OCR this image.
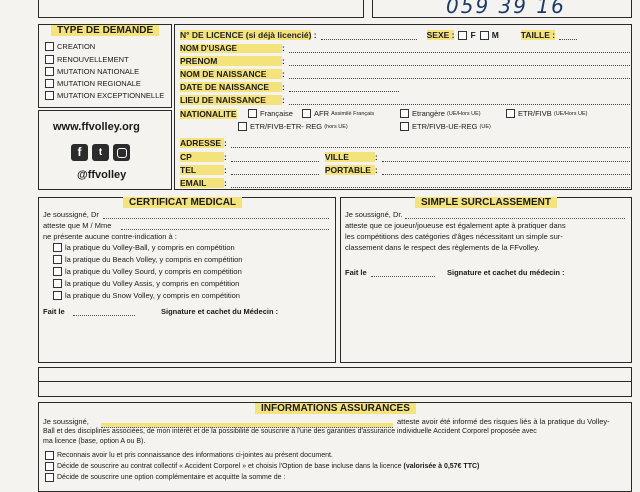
059 39 16
TYPE DE DEMANDE
CREATION
RENOUVELLEMENT
MUTATION NATIONALE
MUTATION REGIONALE
MUTATION EXCEPTIONNELLE
www.ffvolley.org
f	t
@ffvolley
N° DE LICENCE (si déjà licencié) :	SEXE : F M	TAILLE :
NOM D'USAGE	:
PRENOM	:
NOM DE NAISSANCE	:
DATE DE NAISSANCE	:
LIEU DE NAISSANCE	:
NATIONALITE	Française	AFR
Assimilé Français	Etrangère
(UE/Hors UE)	ETR/FIVB
(UE/Hors UE)
ETR/FIVB-ETR- REG
(hors UE)	ETR/FIVB-UE-REG
(UE)
ADRESSE :
CP	:	VILLE	:
TEL	:	PORTABLE :
EMAIL	:
CERTIFICAT MEDICAL
Je soussigné, Dr
atteste que M / Mme
ne présente aucune contre-indication à :
la pratique du Volley-Ball, y compris en compétition
la pratique du Beach Volley, y compris en compétition
la pratique du Volley Sourd, y compris en compétition
la pratique du Volley Assis, y compris en compétition
la pratique du Snow Volley, y compris en compétition
Fait le	Signature et cachet du Médecin :
SIMPLE SURCLASSEMENT
Je soussigné, Dr.
atteste que ce joueur/joueuse est également apte à pratiquer dans
les compétitions des catégories d'âges nécessitant un simple sur-
classement dans le respect des règlements de la FFvolley.
Fait le	Signature et cachet du médecin :
INFORMATIONS ASSURANCES
Je soussigné,	atteste avoir été informé des risques liés à la pratique du Volley-
Ball et des disciplines associées, de mon intérêt et de la possibilité de souscrire à l'une des garanties d'assurance individuelle Accident Corporel proposée avec
ma licence (base, option A ou B).
Reconnais avoir lu et pris connaissance des informations ci-jointes au présent document.
Décide de souscrire au contrat collectif « Accident Corporel » et choisis l'Option de base incluse dans la licence
(valorisée à 0,57€ TTC)
Décide de souscrire une option complémentaire et acquitte la somme de :
